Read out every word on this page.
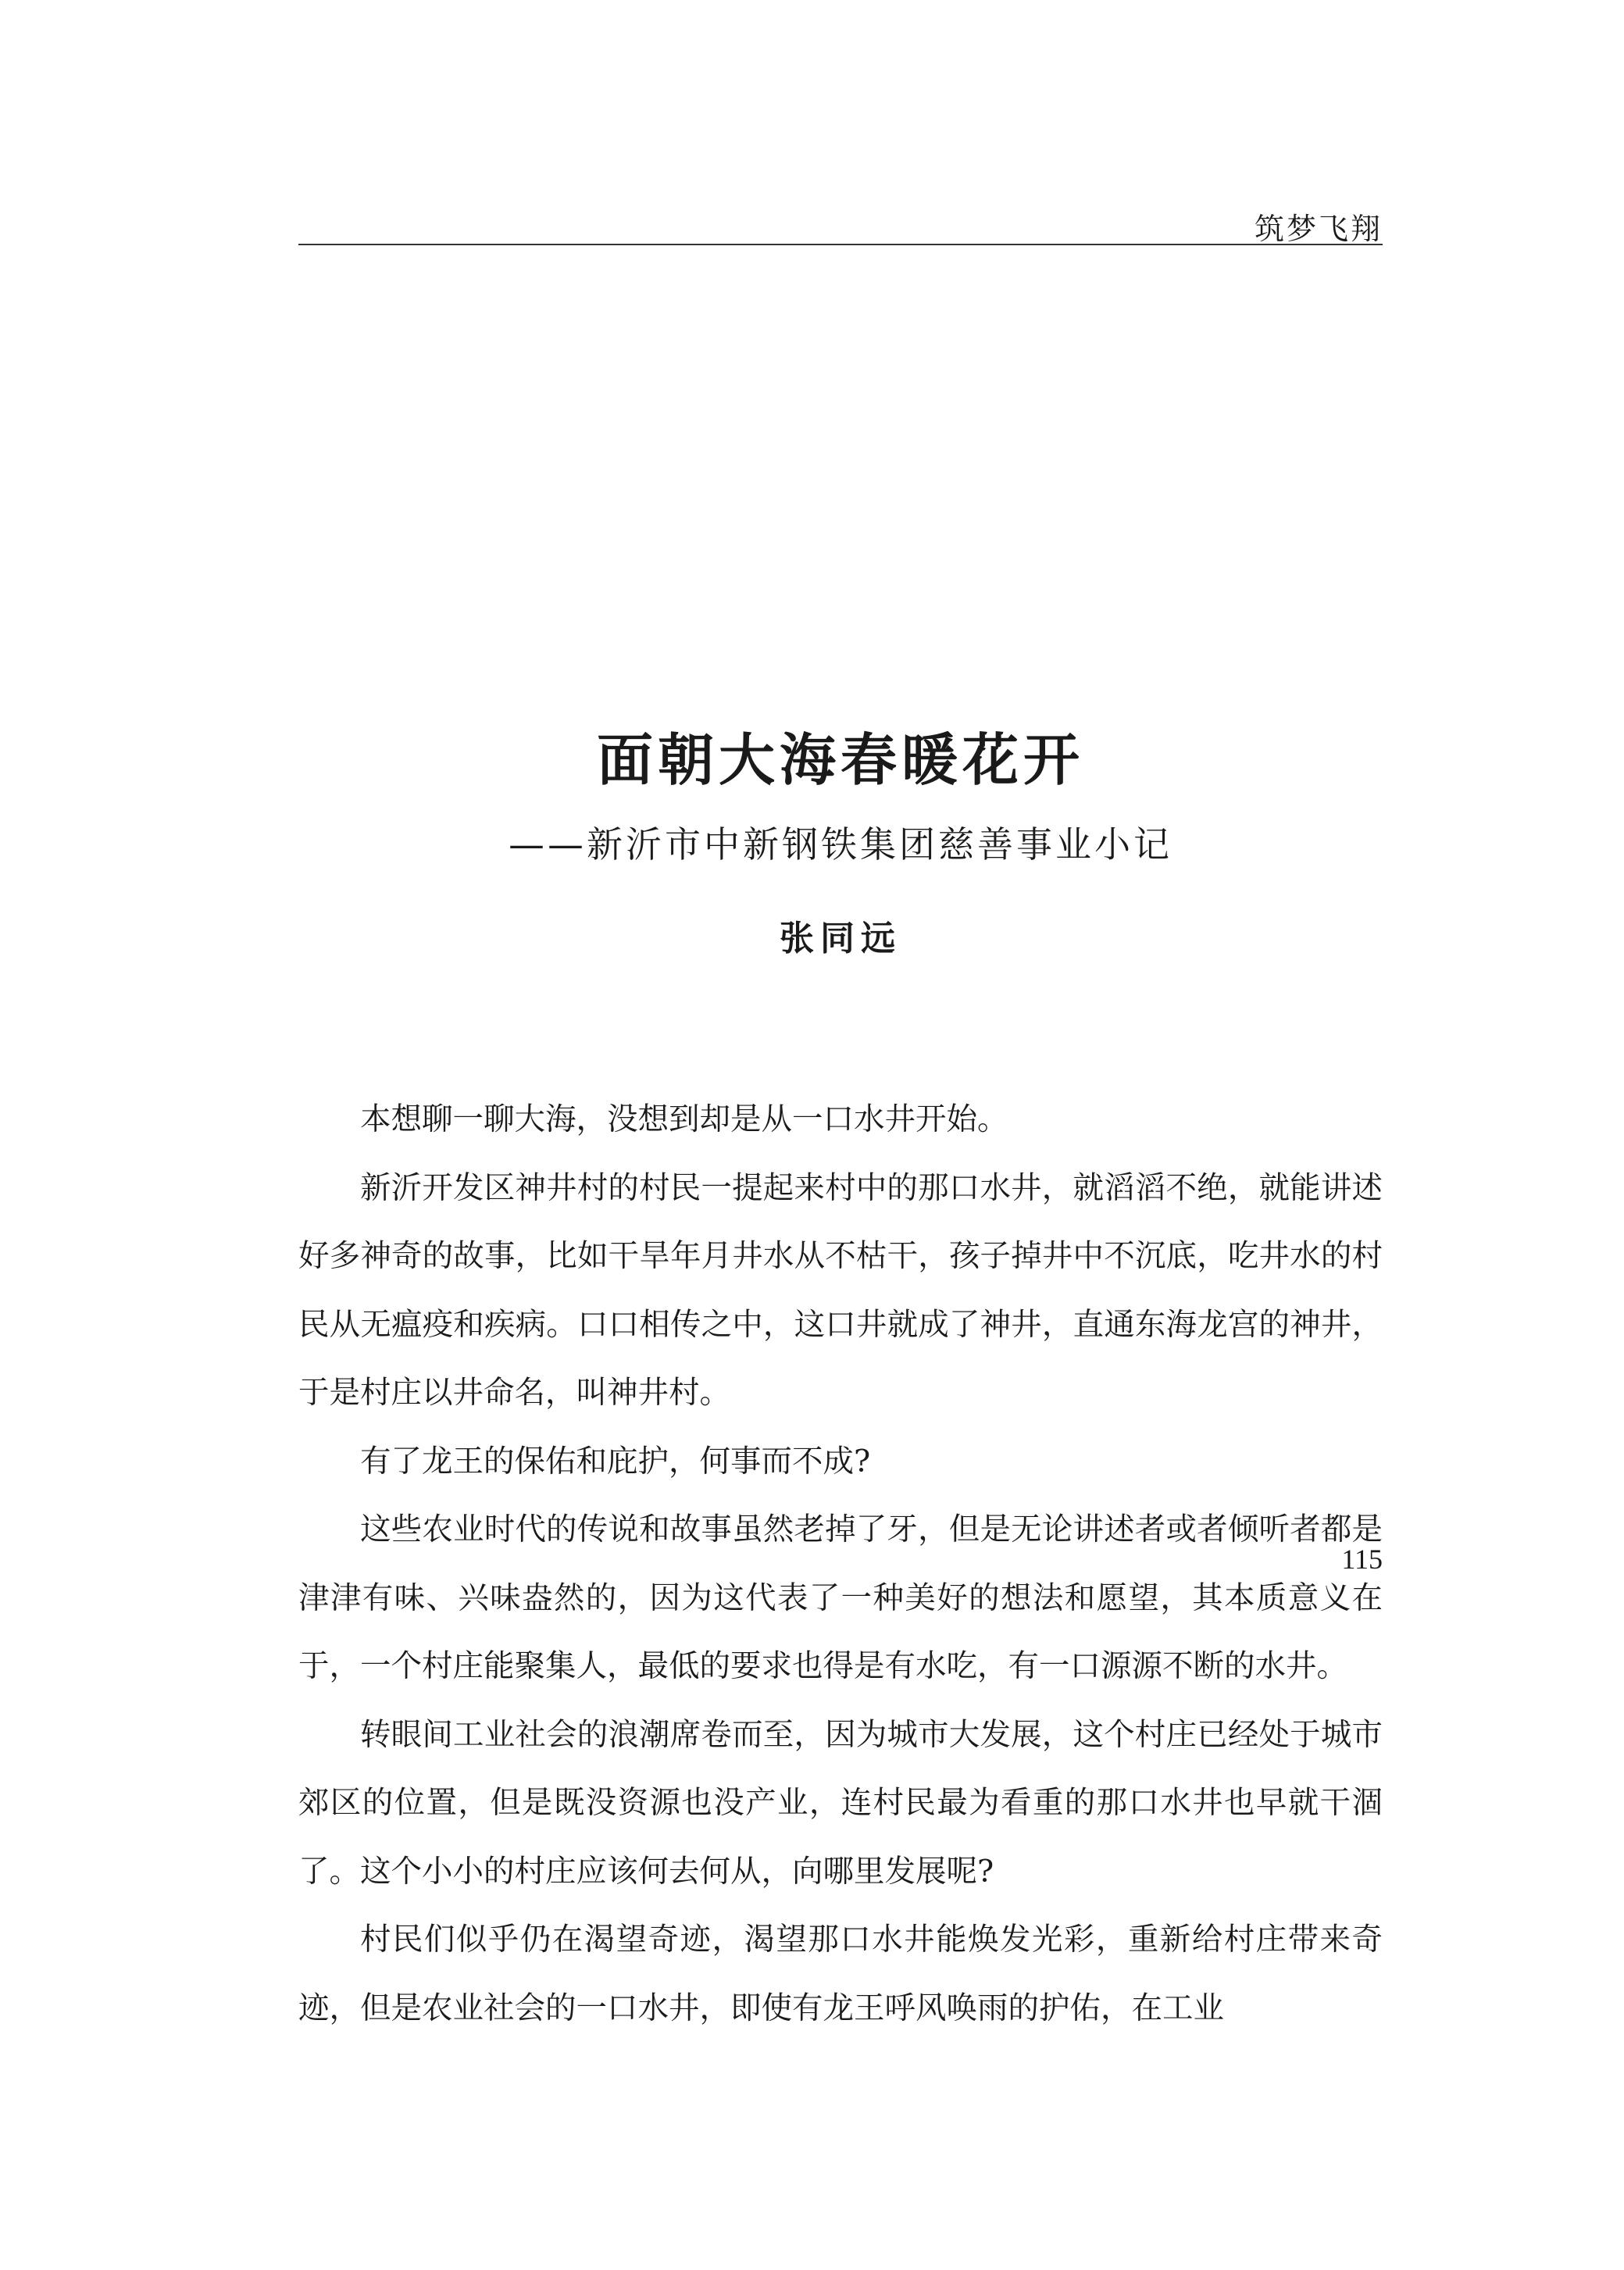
筑梦飞翔
面朝大海春暖花开
——新沂市中新钢铁集团慈善事业小记
张同远

本想聊一聊大海，没想到却是从一口水井开始。

新沂开发区神井村的村民一提起来村中的那口水井，就滔滔不绝，就能讲述好多神奇的故事，比如干旱年月井水从不枯干，孩子掉井中不沉底，吃井水的村民从无瘟疫和疾病。口口相传之中，这口井就成了神井，直通东海龙宫的神井，于是村庄以井命名，叫神井村。

有了龙王的保佑和庇护，何事而不成?

这些农业时代的传说和故事虽然老掉了牙，但是无论讲述者或者倾听者都是津津有味、兴味盎然的，因为这代表了一种美好的想法和愿望，其本质意义在于，一个村庄能聚集人，最低的要求也得是有水吃，有一口源源不断的水井。

转眼间工业社会的浪潮席卷而至，因为城市大发展，这个村庄已经处于城市郊区的位置，但是既没资源也没产业，连村民最为看重的那口水井也早就干涸了。这个小小的村庄应该何去何从，向哪里发展呢?

村民们似乎仍在渴望奇迹，渴望那口水井能焕发光彩，重新给村庄带来奇迹，但是农业社会的一口水井，即使有龙王呼风唤雨的护佑，在工业

115
